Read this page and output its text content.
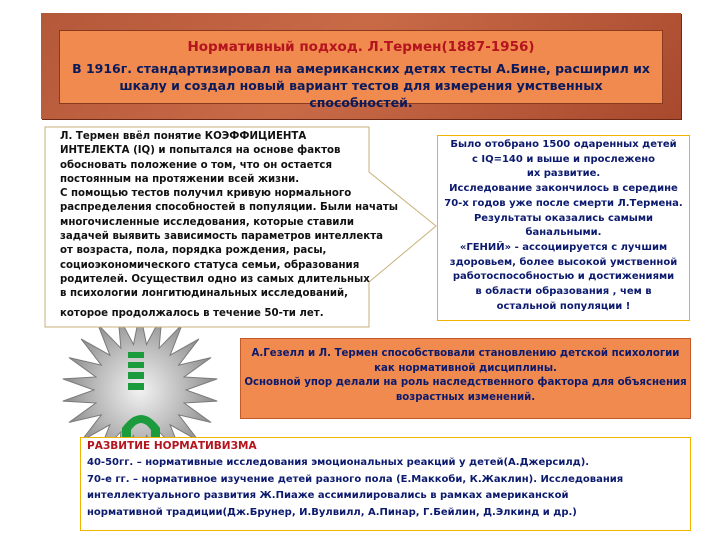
Нормативный подход. Л.Термен(1887-1956)
В 1916г. стандартизировал на американских детях тесты А.Бине, расширил их
шкалу и создал новый вариант тестов для измерения умственных способностей.
Л. Термен ввёл понятие КОЭФФИЦИЕНТА
ИНТЕЛЕКТА (IQ) и попытался на основе фактов
обосновать положение о том, что он остается
постоянным на протяжении всей жизни.
С помощью тестов получил кривую нормального
распределения способностей в популяции. Были начаты
многочисленные исследования, которые ставили
задачей выявить зависимость параметров интеллекта
от возраста, пола, порядка рождения, расы,
социоэкономического статуса семьи, образования
родителей. Осуществил одно из самых длительных
в психологии лонгитюдинальных исследований,
которое продолжалось в течение 50-ти лет.
Было отобрано 1500 одаренных детей
с IQ=140 и выше и прослежено
их развитие.
Исследование закончилось в середине
70-х годов уже после смерти Л.Термена.
Результаты оказались самыми
банальными.
«ГЕНИЙ» - ассоциируется с лучшим
здоровьем, более высокой умственной
работоспособностью и достижениями
в области образования , чем в
остальной популяции !
А.Гезелл и Л. Термен способствовали становлению детской психологии
как нормативной дисциплины.
Основной упор делали на роль наследственного фактора для объяснения
возрастных изменений.
РАЗВИТИЕ НОРМАТИВИЗМА
40-50гг. – нормативные исследования эмоциональных реакций у детей(А.Джерсилд).
70-е гг. – нормативное изучение детей разного пола (Е.Маккоби, К.Жаклин). Исследования
интеллектуального развития Ж.Пиаже ассимилировались в рамках американской
нормативной традиции(Дж.Брунер, И.Вулвилл, А.Пинар, Г.Бейлин, Д.Элкинд и др.)
